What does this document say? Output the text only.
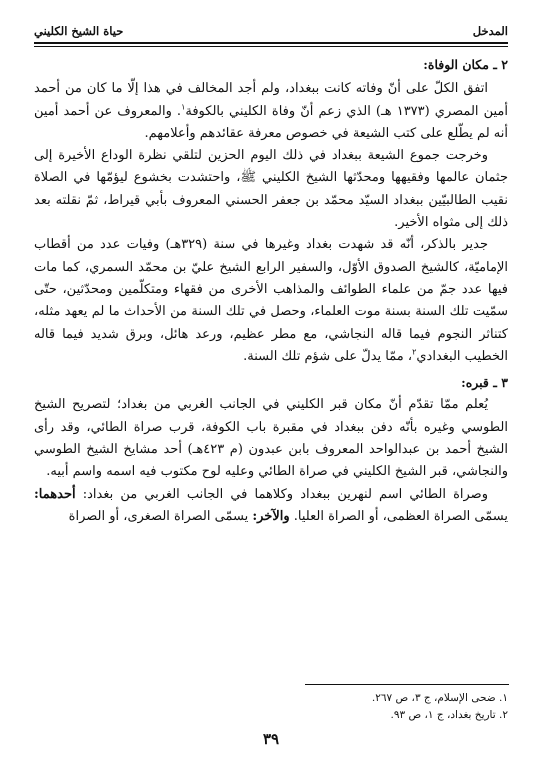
المدخل
حياة الشيخ الكليني

٢ ـ مكان الوفاة:

اتفق الكلّ على أنّ وفاته كانت ببغداد، ولم أجد المخالف في هذا إلّا ما كان من أحمد أمين المصري (١٣٧٣ هـ) الذي زعم أنّ وفاة الكليني بالكوفة$^١$. والمعروف عن أحمد أمين أنه لم يطّلع على كتب الشيعة في خصوص معرفة عقائدهم وأعلامهم.

وخرجت جموع الشيعة ببغداد في ذلك اليوم الحزين لتلقي نظرة الوداع الأخيرة إلى جثمان عالمها وفقيهها ومحدّثها الشيخ الكليني ﷺ، واحتشدت بخشوع ليؤمّها في الصلاة نقيب الطالبيّين ببغداد السيّد محمّد بن جعفر الحسني المعروف بأبي قيراط، ثمّ نقلته بعد ذلك إلى مثواه الأخير.

جدير بالذكر، أنّه قد شهدت بغداد وغيرها في سنة (٣٢٩هـ) وفيات عدد من أقطاب الإماميّة، كالشيخ الصدوق الأوّل، والسفير الرابع الشيخ عليّ بن محمّد السمري، كما مات فيها عدد جمّ من علماء الطوائف والمذاهب الأخرى من فقهاء ومتكلّمين ومحدّثين، حتّى سمّيت تلك السنة بسنة موت العلماء، وحصل في تلك السنة من الأحداث ما لم يعهد مثله، كتناثر النجوم فيما قاله النجاشي، مع مطر عظيم، ورعد هائل، وبرق شديد فيما قاله الخطيب البغدادي$^٢$، ممّا يدلّ على شؤم تلك السنة.

٣ ـ قبره:

يُعلم ممّا تقدّم أنّ مكان قبر الكليني في الجانب الغربي من بغداد؛ لتصريح الشيخ الطوسي وغيره بأنّه دفن ببغداد في مقبرة باب الكوفة، قرب صراة الطائي، وقد رأى الشيخ أحمد بن عبدالواحد المعروف بابن عبدون (م ٤٢٣هـ) أحد مشايخ الشيخ الطوسي والنجاشي، قبر الشيخ الكليني في صراة الطائي وعليه لوح مكتوب فيه اسمه واسم أبيه.

وصراة الطائي اسم لنهرين ببغداد وكلاهما في الجانب الغربي من بغداد: أحدهما: يسمّى الصراة العظمى، أو الصراة العليا. والآخر: يسمّى الصراة الصغرى، أو الصراة

١. ضحى الإسلام، ج ٣، ص ٢٦٧.
٢. تاريخ بغداد، ج ١، ص ٩٣.
٣٩
